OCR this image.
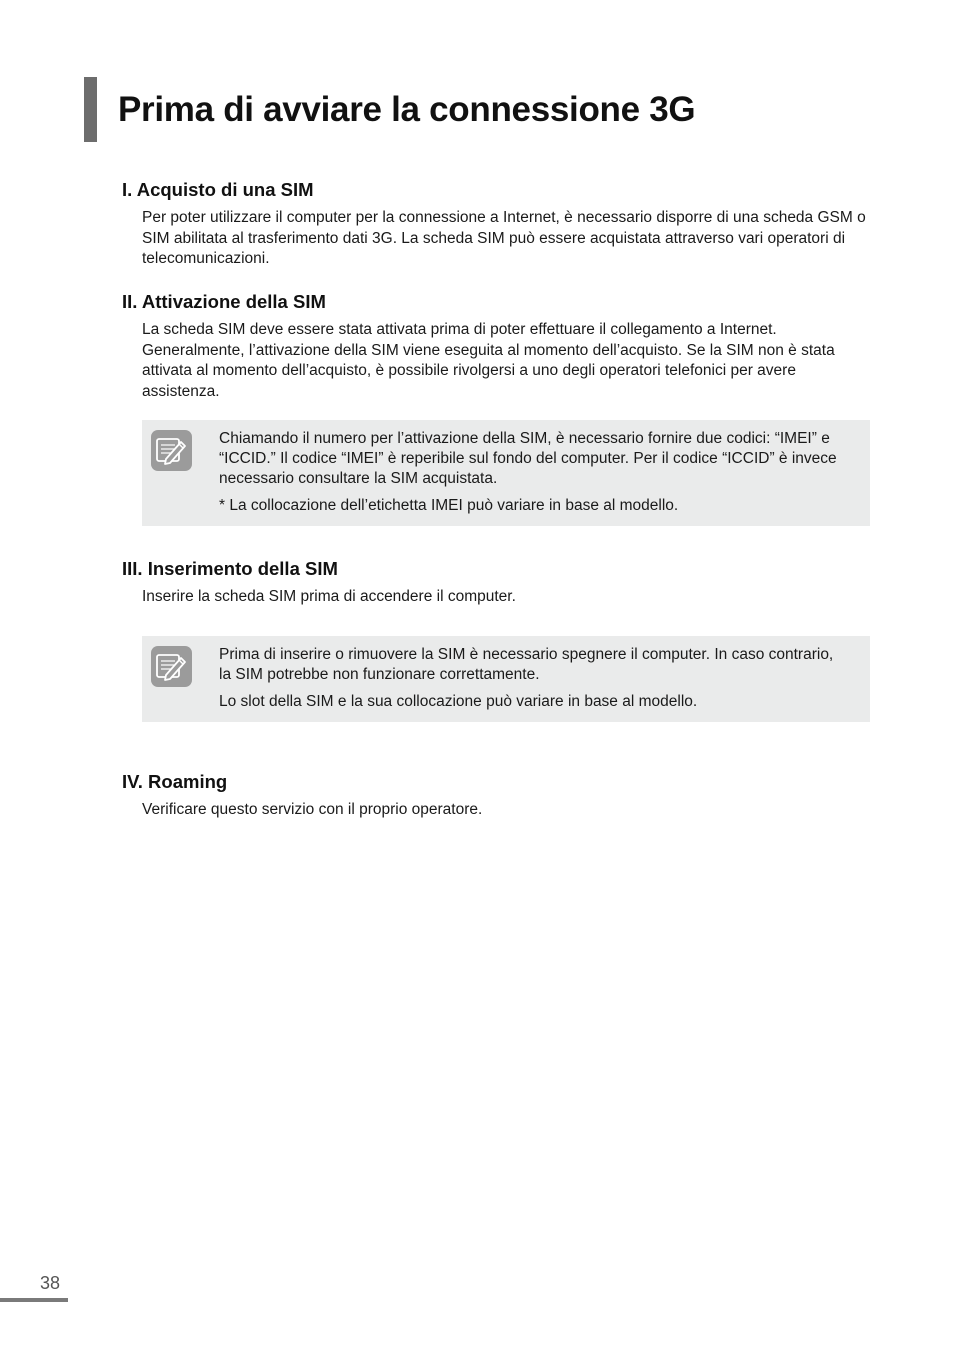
Prima di avviare la connessione 3G
I. Acquisto di una SIM

Per poter utilizzare il computer per la connessione a Internet, è necessario disporre di una scheda GSM o SIM abilitata al trasferimento dati 3G. La scheda SIM può essere acquistata attraverso vari operatori di telecomunicazioni.

II. Attivazione della SIM

La scheda SIM deve essere stata attivata prima di poter effettuare il collegamento a Internet. Generalmente, l’attivazione della SIM viene eseguita al momento dell’acquisto. Se la SIM non è stata attivata al momento dell’acquisto, è possibile rivolgersi a uno degli operatori telefonici per avere assistenza.

Chiamando il numero per l’attivazione della SIM, è necessario fornire due codici: “IMEI” e “ICCID.” Il codice “IMEI” è reperibile sul fondo del computer. Per il codice “ICCID” è invece necessario consultare la SIM acquistata.

* La collocazione dell’etichetta IMEI può variare in base al modello.

III. Inserimento della SIM

Inserire la scheda SIM prima di accendere il computer.

Prima di inserire o rimuovere la SIM è necessario spegnere il computer. In caso contrario, la SIM potrebbe non funzionare correttamente.

Lo slot della SIM e la sua collocazione può variare in base al modello.

IV. Roaming

Verificare questo servizio con il proprio operatore.

38
